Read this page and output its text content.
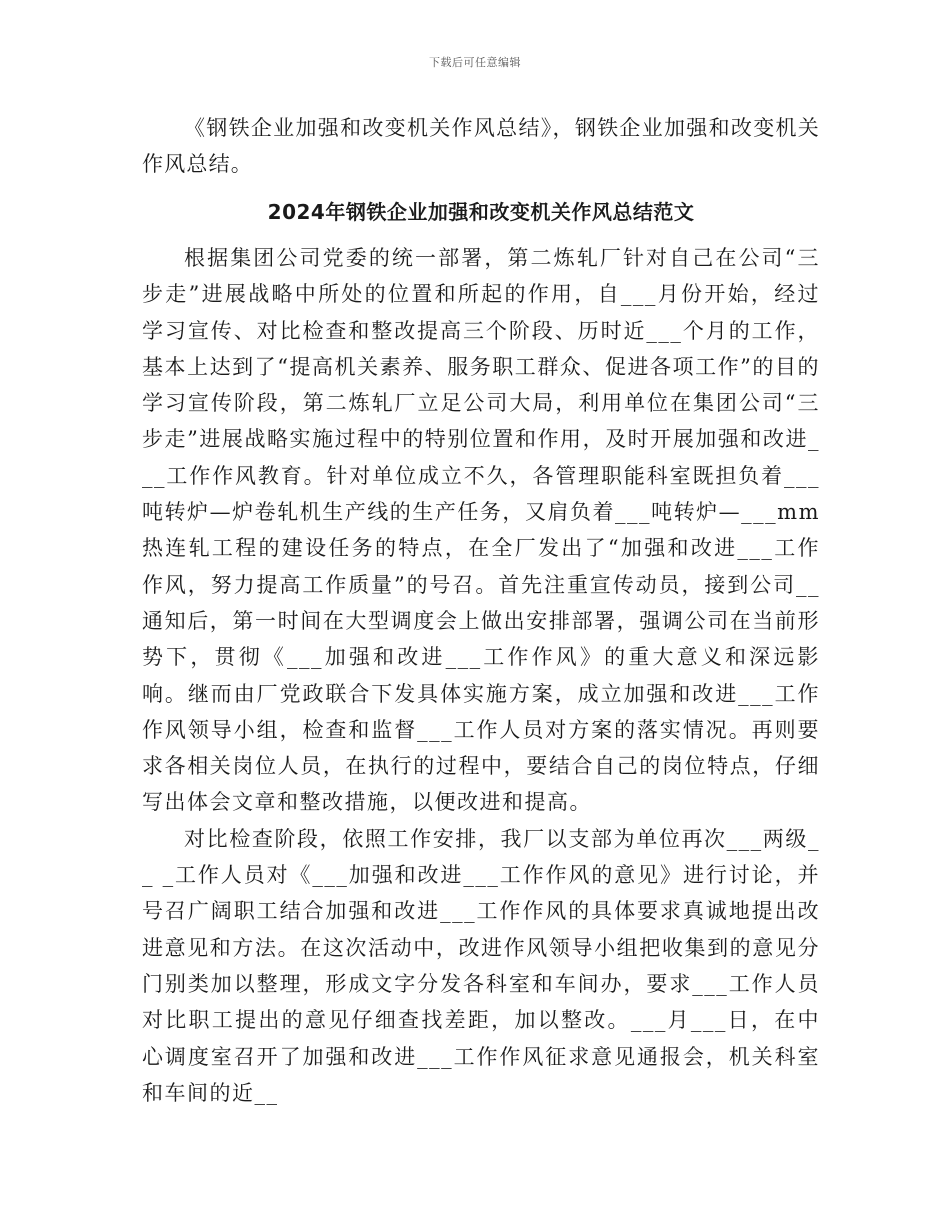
下载后可任意编辑

《钢铁企业加强和改变机关作风总结》，钢铁企业加强和改变机关作风总结。

2024年钢铁企业加强和改变机关作风总结范文

根据集团公司党委的统一部署，第二炼轧厂针对自己在公司“三步走”进展战略中所处的位置和所起的作用，自___月份开始，经过学习宣传、对比检查和整改提高三个阶段、历时近___个月的工作，基本上达到了“提高机关素养、服务职工群众、促进各项工作”的目的学习宣传阶段，第二炼轧厂立足公司大局，利用单位在集团公司“三步走”进展战略实施过程中的特别位置和作用，及时开展加强和改进___工作作风教育。针对单位成立不久，各管理职能科室既担负着___吨转炉—炉卷轧机生产线的生产任务，又肩负着___吨转炉—___mm热连轧工程的建设任务的特点，在全厂发出了“加强和改进___工作作风，努力提高工作质量”的号召。首先注重宣传动员，接到公司__通知后，第一时间在大型调度会上做出安排部署，强调公司在当前形势下，贯彻《___加强和改进___工作作风》的重大意义和深远影响。继而由厂党政联合下发具体实施方案，成立加强和改进___工作作风领导小组，检查和监督___工作人员对方案的落实情况。再则要求各相关岗位人员，在执行的过程中，要结合自己的岗位特点，仔细写出体会文章和整改措施，以便改进和提高。

对比检查阶段，依照工作安排，我厂以支部为单位再次___两级__ _工作人员对《___加强和改进___工作作风的意见》进行讨论，并号召广阔职工结合加强和改进___工作作风的具体要求真诚地提出改进意见和方法。在这次活动中，改进作风领导小组把收集到的意见分门别类加以整理，形成文字分发各科室和车间办，要求___工作人员对比职工提出的意见仔细查找差距，加以整改。___月___日，在中心调度室召开了加强和改进___工作作风征求意见通报会，机关科室和车间的近__
